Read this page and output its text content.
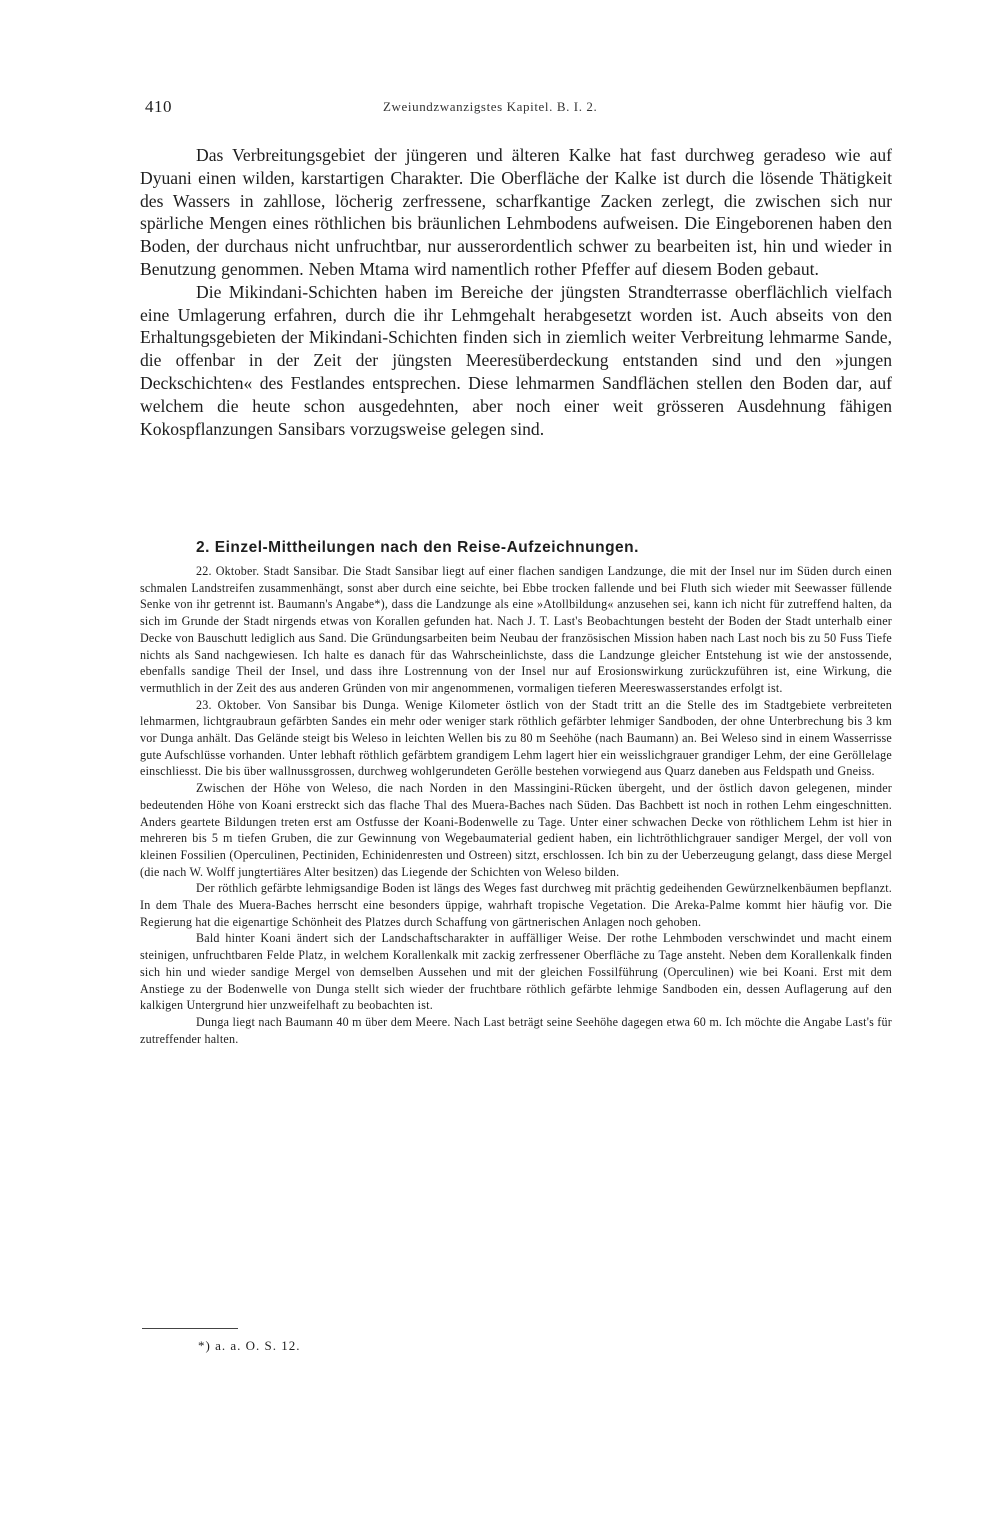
410	Zweiundzwanzigstes Kapitel. B. I. 2.

Das Verbreitungsgebiet der jüngeren und älteren Kalke hat fast durchweg geradeso wie auf Dyuani einen wilden, karstartigen Charakter. Die Oberfläche der Kalke ist durch die lösende Thätigkeit des Wassers in zahllose, löcherig zerfressene, scharfkantige Zacken zerlegt, die zwischen sich nur spärliche Mengen eines röthlichen bis bräunlichen Lehmbodens aufweisen. Die Eingeborenen haben den Boden, der durchaus nicht unfruchtbar, nur ausserordentlich schwer zu bearbeiten ist, hin und wieder in Benutzung genommen. Neben Mtama wird namentlich rother Pfeffer auf diesem Boden gebaut.

Die Mikindani-Schichten haben im Bereiche der jüngsten Strandterrasse oberflächlich vielfach eine Umlagerung erfahren, durch die ihr Lehmgehalt herabgesetzt worden ist. Auch abseits von den Erhaltungsgebieten der Mikindani-Schichten finden sich in ziemlich weiter Verbreitung lehmarme Sande, die offenbar in der Zeit der jüngsten Meeresüberdeckung entstanden sind und den »jungen Deckschichten« des Festlandes entsprechen. Diese lehmarmen Sandflächen stellen den Boden dar, auf welchem die heute schon ausgedehnten, aber noch einer weit grösseren Ausdehnung fähigen Kokospflanzungen Sansibars vorzugsweise gelegen sind.

2. Einzel-Mittheilungen nach den Reise-Aufzeichnungen.

22. Oktober. Stadt Sansibar. Die Stadt Sansibar liegt auf einer flachen sandigen Landzunge, die mit der Insel nur im Süden durch einen schmalen Landstreifen zusammenhängt, sonst aber durch eine seichte, bei Ebbe trocken fallende und bei Fluth sich wieder mit Seewasser füllende Senke von ihr getrennt ist. Baumann's Angabe*), dass die Landzunge als eine »Atollbildung« anzusehen sei, kann ich nicht für zutreffend halten, da sich im Grunde der Stadt nirgends etwas von Korallen gefunden hat. Nach J. T. Last's Beobachtungen besteht der Boden der Stadt unterhalb einer Decke von Bauschutt lediglich aus Sand. Die Gründungsarbeiten beim Neubau der französischen Mission haben nach Last noch bis zu 50 Fuss Tiefe nichts als Sand nachgewiesen. Ich halte es danach für das Wahrscheinlichste, dass die Landzunge gleicher Entstehung ist wie der anstossende, ebenfalls sandige Theil der Insel, und dass ihre Lostrennung von der Insel nur auf Erosionswirkung zurückzuführen ist, eine Wirkung, die vermuthlich in der Zeit des aus anderen Gründen von mir angenommenen, vormaligen tieferen Meereswasserstandes erfolgt ist.

23. Oktober. Von Sansibar bis Dunga. Wenige Kilometer östlich von der Stadt tritt an die Stelle des im Stadtgebiete verbreiteten lehmarmen, lichtgraubraun gefärbten Sandes ein mehr oder weniger stark röthlich gefärbter lehmiger Sandboden, der ohne Unterbrechung bis 3 km vor Dunga anhält. Das Gelände steigt bis Weleso in leichten Wellen bis zu 80 m Seehöhe (nach Baumann) an. Bei Weleso sind in einem Wasserrisse gute Aufschlüsse vorhanden. Unter lebhaft röthlich gefärbtem grandigem Lehm lagert hier ein weisslichgrauer grandiger Lehm, der eine Geröllelage einschliesst. Die bis über wallnussgrossen, durchweg wohlgerundeten Gerölle bestehen vorwiegend aus Quarz daneben aus Feldspath und Gneiss.

Zwischen der Höhe von Weleso, die nach Norden in den Massingini-Rücken übergeht, und der östlich davon gelegenen, minder bedeutenden Höhe von Koani erstreckt sich das flache Thal des Muera-Baches nach Süden. Das Bachbett ist noch in rothen Lehm eingeschnitten. Anders geartete Bildungen treten erst am Ostfusse der Koani-Bodenwelle zu Tage. Unter einer schwachen Decke von röthlichem Lehm ist hier in mehreren bis 5 m tiefen Gruben, die zur Gewinnung von Wegebaumaterial gedient haben, ein lichtröthlichgrauer sandiger Mergel, der voll von kleinen Fossilien (Operculinen, Pectiniden, Echinidenresten und Ostreen) sitzt, erschlossen. Ich bin zu der Ueberzeugung gelangt, dass diese Mergel (die nach W. Wolff jungtertiäres Alter besitzen) das Liegende der Schichten von Weleso bilden.

Der röthlich gefärbte lehmigsandige Boden ist längs des Weges fast durchweg mit prächtig gedeihenden Gewürznelkenbäumen bepflanzt. In dem Thale des Muera-Baches herrscht eine besonders üppige, wahrhaft tropische Vegetation. Die Areka-Palme kommt hier häufig vor. Die Regierung hat die eigenartige Schönheit des Platzes durch Schaffung von gärtnerischen Anlagen noch gehoben.

Bald hinter Koani ändert sich der Landschaftscharakter in auffälliger Weise. Der rothe Lehmboden verschwindet und macht einem steinigen, unfruchtbaren Felde Platz, in welchem Korallenkalk mit zackig zerfressener Oberfläche zu Tage ansteht. Neben dem Korallenkalk finden sich hin und wieder sandige Mergel von demselben Aussehen und mit der gleichen Fossilführung (Operculinen) wie bei Koani. Erst mit dem Anstiege zu der Bodenwelle von Dunga stellt sich wieder der fruchtbare röthlich gefärbte lehmige Sandboden ein, dessen Auflagerung auf den kalkigen Untergrund hier unzweifelhaft zu beobachten ist.

Dunga liegt nach Baumann 40 m über dem Meere. Nach Last beträgt seine Seehöhe dagegen etwa 60 m. Ich möchte die Angabe Last's für zutreffender halten.

*) a. a. O. S. 12.
